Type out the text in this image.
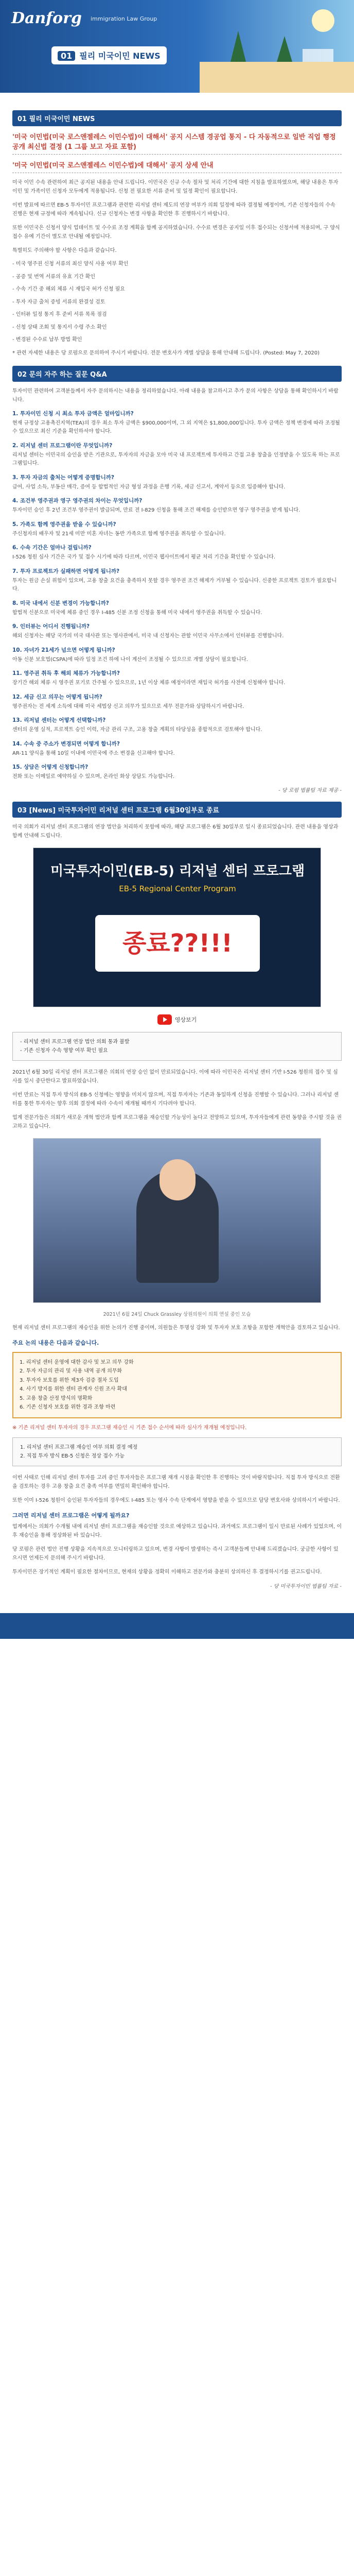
Danforg immigration Law Group
01 필리 미국이민 NEWS
01 필리 미국이민 NEWS
'미국 이민법(미국 로스앤젤레스 이민수법)이 대해서' 공지 시스템 경공업 통지 - 다 자동적으로 일반 직업 행정 공개 최신법 결정 (1 그룹 보고 자료 포함)
'미국 이민법(미국 로스앤젤레스 이민수법)에 대해서' 공지 상세 안내

미국 이민 수속 관련하여 최근 공지된 내용을 안내 드립니다. 이민국은 신규 수속 절차 및 처리 기간에 대한 지침을 발표하였으며, 해당 내용은 투자이민 및 가족이민 신청자 모두에게 적용됩니다. 신청 전 필요한 서류 준비 및 일정 확인이 필요합니다.

이번 발표에 따르면 EB-5 투자이민 프로그램과 관련한 리저널 센터 제도의 연장 여부가 의회 일정에 따라 결정될 예정이며, 기존 신청자들의 수속 진행은 현재 규정에 따라 계속됩니다. 신규 신청자는 변경 사항을 확인한 후 진행하시기 바랍니다.

또한 이민국은 신청서 양식 업데이트 및 수수료 조정 계획을 함께 공지하였습니다. 수수료 변경은 공지일 이후 접수되는 신청서에 적용되며, 구 양식 접수 유예 기간이 별도로 안내될 예정입니다.

특별히도 주의해야 할 사항은 다음과 같습니다.

- 미국 영주권 신청 서류의 최신 양식 사용 여부 확인

- 공증 및 번역 서류의 유효 기간 확인

- 수속 기간 중 해외 체류 시 재입국 허가 신청 필요

- 투자 자금 출처 증빙 서류의 완결성 검토

- 인터뷰 일정 통지 후 준비 서류 목록 점검

- 신청 상태 조회 및 통지서 수령 주소 확인

- 변경된 수수료 납부 방법 확인

* 관련 자세한 내용은 당 로펌으로 문의하여 주시기 바랍니다. 전문 변호사가 개별 상담을 통해 안내해 드립니다. (Posted: May 7, 2020)

02 문의 자주 하는 질문 Q&A

투자이민 관련하여 고객분들께서 자주 문의하시는 내용을 정리하였습니다. 아래 내용을 참고하시고 추가 문의 사항은 상담을 통해 확인하시기 바랍니다.

1. 투자이민 신청 시 최소 투자 금액은 얼마입니까?

현재 규정상 고용촉진지역(TEA)의 경우 최소 투자 금액은 $900,000이며, 그 외 지역은 $1,800,000입니다. 투자 금액은 정책 변경에 따라 조정될 수 있으므로 최신 기준을 확인하셔야 합니다.

2. 리저널 센터 프로그램이란 무엇입니까?

리저널 센터는 이민국의 승인을 받은 기관으로, 투자자의 자금을 모아 미국 내 프로젝트에 투자하고 간접 고용 창출을 인정받을 수 있도록 하는 프로그램입니다.

3. 투자 자금의 출처는 어떻게 증명합니까?

급여, 사업 소득, 부동산 매각, 증여 등 합법적인 자금 형성 과정을 은행 기록, 세금 신고서, 계약서 등으로 입증해야 합니다.

4. 조건부 영주권과 영구 영주권의 차이는 무엇입니까?

투자이민 승인 후 2년 조건부 영주권이 발급되며, 만료 전 I-829 신청을 통해 조건 해제를 승인받으면 영구 영주권을 받게 됩니다.

5. 가족도 함께 영주권을 받을 수 있습니까?

주신청자의 배우자 및 21세 미만 미혼 자녀는 동반 가족으로 함께 영주권을 취득할 수 있습니다.

6. 수속 기간은 얼마나 걸립니까?

I-526 청원 심사 기간은 국가 및 접수 시기에 따라 다르며, 이민국 웹사이트에서 평균 처리 기간을 확인할 수 있습니다.

7. 투자 프로젝트가 실패하면 어떻게 됩니까?

투자는 원금 손실 위험이 있으며, 고용 창출 요건을 충족하지 못할 경우 영주권 조건 해제가 거부될 수 있습니다. 신중한 프로젝트 검토가 필요합니다.

8. 미국 내에서 신분 변경이 가능합니까?

합법적 신분으로 미국에 체류 중인 경우 I-485 신분 조정 신청을 통해 미국 내에서 영주권을 취득할 수 있습니다.

9. 인터뷰는 어디서 진행됩니까?

해외 신청자는 해당 국가의 미국 대사관 또는 영사관에서, 미국 내 신청자는 관할 이민국 사무소에서 인터뷰를 진행합니다.

10. 자녀가 21세가 넘으면 어떻게 됩니까?

아동 신분 보호법(CSPA)에 따라 일정 조건 하에 나이 계산이 조정될 수 있으므로 개별 상담이 필요합니다.

11. 영주권 취득 후 해외 체류가 가능합니까?

장기간 해외 체류 시 영주권 포기로 간주될 수 있으므로, 1년 이상 체류 예정이라면 재입국 허가를 사전에 신청해야 합니다.

12. 세금 신고 의무는 어떻게 됩니까?

영주권자는 전 세계 소득에 대해 미국 세법상 신고 의무가 있으므로 세무 전문가와 상담하시기 바랍니다.

13. 리저널 센터는 어떻게 선택합니까?

센터의 운영 실적, 프로젝트 승인 이력, 자금 관리 구조, 고용 창출 계획의 타당성을 종합적으로 검토해야 합니다.

14. 수속 중 주소가 변경되면 어떻게 합니까?

AR-11 양식을 통해 10일 이내에 이민국에 주소 변경을 신고해야 합니다.

15. 상담은 어떻게 신청합니까?

전화 또는 이메일로 예약하실 수 있으며, 온라인 화상 상담도 가능합니다.

- 당 로펌 법률팀 자료 제공 -

03 [News] 미국투자이민 리저널 센터 프로그램 6월30일부로 종료

미국 의회가 리저널 센터 프로그램의 연장 법안을 처리하지 못함에 따라, 해당 프로그램은 6월 30일부로 일시 종료되었습니다. 관련 내용을 영상과 함께 안내해 드립니다.

미국투자이민(EB-5) 리저널 센터 프로그램
EB-5 Regional Center Program
종료??!!!
영상보기
- 리저널 센터 프로그램 연장 법안 의회 통과 불발
- 기존 신청자 수속 영향 여부 확인 필요

2021년 6월 30일 리저널 센터 프로그램은 의회의 연장 승인 없이 만료되었습니다. 이에 따라 이민국은 리저널 센터 기반 I-526 청원의 접수 및 심사를 일시 중단한다고 발표하였습니다.

이번 만료는 직접 투자 방식의 EB-5 신청에는 영향을 미치지 않으며, 직접 투자자는 기존과 동일하게 신청을 진행할 수 있습니다. 그러나 리저널 센터를 통한 투자자는 향후 의회 결정에 따라 수속이 재개될 때까지 기다려야 합니다.

업계 전문가들은 의회가 새로운 개혁 법안과 함께 프로그램을 재승인할 가능성이 높다고 전망하고 있으며, 투자자들에게 관련 동향을 주시할 것을 권고하고 있습니다.

2021년 6월 24일 Chuck Grassley 상원의원이 의회 연설 중인 모습

현재 리저널 센터 프로그램의 재승인을 위한 논의가 진행 중이며, 의원들은 투명성 강화 및 투자자 보호 조항을 포함한 개혁안을 검토하고 있습니다.

주요 논의 내용은 다음과 같습니다.

1. 리저널 센터 운영에 대한 감사 및 보고 의무 강화
2. 투자 자금의 관리 및 사용 내역 공개 의무화
3. 투자자 보호를 위한 제3자 검증 절차 도입
4. 사기 방지를 위한 센터 관계자 신원 조사 확대
5. 고용 창출 산정 방식의 명확화
6. 기존 신청자 보호를 위한 경과 조항 마련

※ 기존 리저널 센터 투자자의 경우 프로그램 재승인 시 기존 접수 순서에 따라 심사가 재개될 예정입니다.

1. 리저널 센터 프로그램 재승인 여부 의회 결정 예정
2. 직접 투자 방식 EB-5 신청은 정상 접수 가능

이번 사태로 인해 리저널 센터 투자를 고려 중인 투자자들은 프로그램 재개 시점을 확인한 후 진행하는 것이 바람직합니다. 직접 투자 방식으로 전환을 검토하는 경우 고용 창출 요건 충족 여부를 면밀히 확인해야 합니다.

또한 이미 I-526 청원이 승인된 투자자들의 경우에도 I-485 또는 영사 수속 단계에서 영향을 받을 수 있으므로 담당 변호사와 상의하시기 바랍니다.

그러면 리저널 센터 프로그램은 어떻게 될까요?

업계에서는 의회가 수개월 내에 리저널 센터 프로그램을 재승인할 것으로 예상하고 있습니다. 과거에도 프로그램이 일시 만료된 사례가 있었으며, 이후 재승인을 통해 정상화된 바 있습니다.

당 로펌은 관련 법안 진행 상황을 지속적으로 모니터링하고 있으며, 변경 사항이 발생하는 즉시 고객분들께 안내해 드리겠습니다. 궁금한 사항이 있으시면 언제든지 문의해 주시기 바랍니다.

투자이민은 장기적인 계획이 필요한 절차이므로, 현재의 상황을 정확히 이해하고 전문가와 충분히 상의하신 후 결정하시기를 권고드립니다.

- 당 미국투자이민 법률팀 자료 -
